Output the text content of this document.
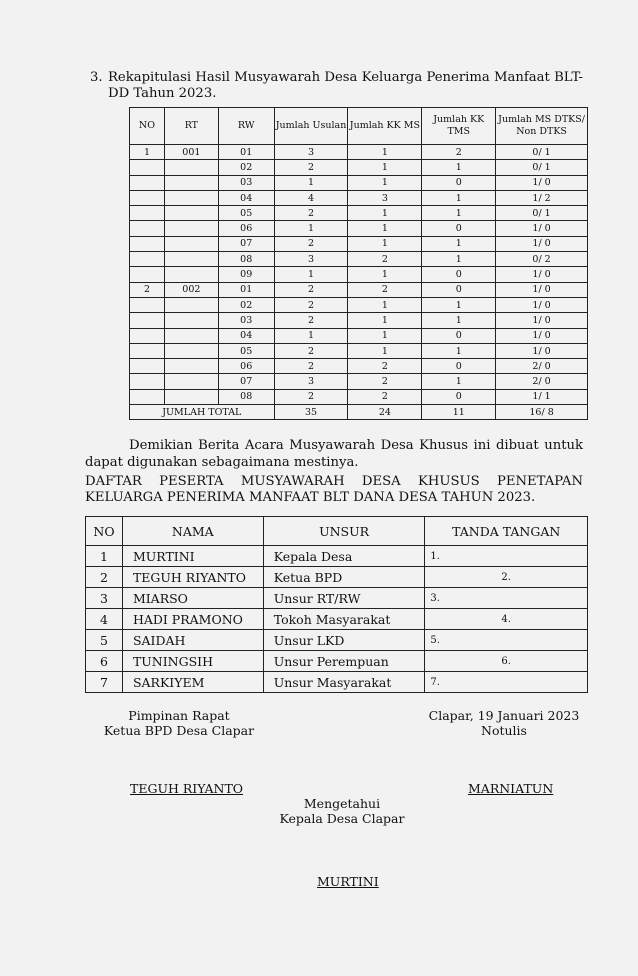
3. Rekapitulasi Hasil Musyawarah Desa Keluarga Penerima Manfaat BLT-DD Tahun 2023.
NO	RT	RW	Jumlah Usulan	Jumlah KK MS	Jumlah KK TMS	Jumlah MS DTKS/ Non DTKS
1	001	01	3	1	2	0/ 1
		02	2	1	1	0/ 1
		03	1	1	0	1/ 0
		04	4	3	1	1/ 2
		05	2	1	1	0/ 1
		06	1	1	0	1/ 0
		07	2	1	1	1/ 0
		08	3	2	1	0/ 2
		09	1	1	0	1/ 0
2	002	01	2	2	0	1/ 0
		02	2	1	1	1/ 0
		03	2	1	1	1/ 0
		04	1	1	0	1/ 0
		05	2	1	1	1/ 0
		06	2	2	0	2/ 0
		07	3	2	1	2/ 0
		08	2	2	0	1/ 1
JUMLAH TOTAL			35	24	11	16/ 8
Demikian Berita Acara Musyawarah Desa Khusus ini dibuat untuk dapat digunakan sebagaimana mestinya.
DAFTAR PESERTA MUSYAWARAH DESA KHUSUS PENETAPAN KELUARGA PENERIMA MANFAAT BLT DANA DESA TAHUN 2023.
NO	NAMA	UNSUR	TANDA TANGAN
1	MURTINI	Kepala Desa	1.
2	TEGUH RIYANTO	Ketua BPD	2.
3	MIARSO	Unsur RT/RW	3.
4	HADI PRAMONO	Tokoh Masyarakat	4.
5	SAIDAH	Unsur LKD	5.
6	TUNINGSIH	Unsur Perempuan	6.
7	SARKIYEM	Unsur Masyarakat	7.
Pimpinan Rapat
Ketua BPD Desa Clapar
TEGUH RIYANTO
Clapar, 19 Januari 2023
Notulis
MARNIATUN
Mengetahui
Kepala Desa Clapar
MURTINI
